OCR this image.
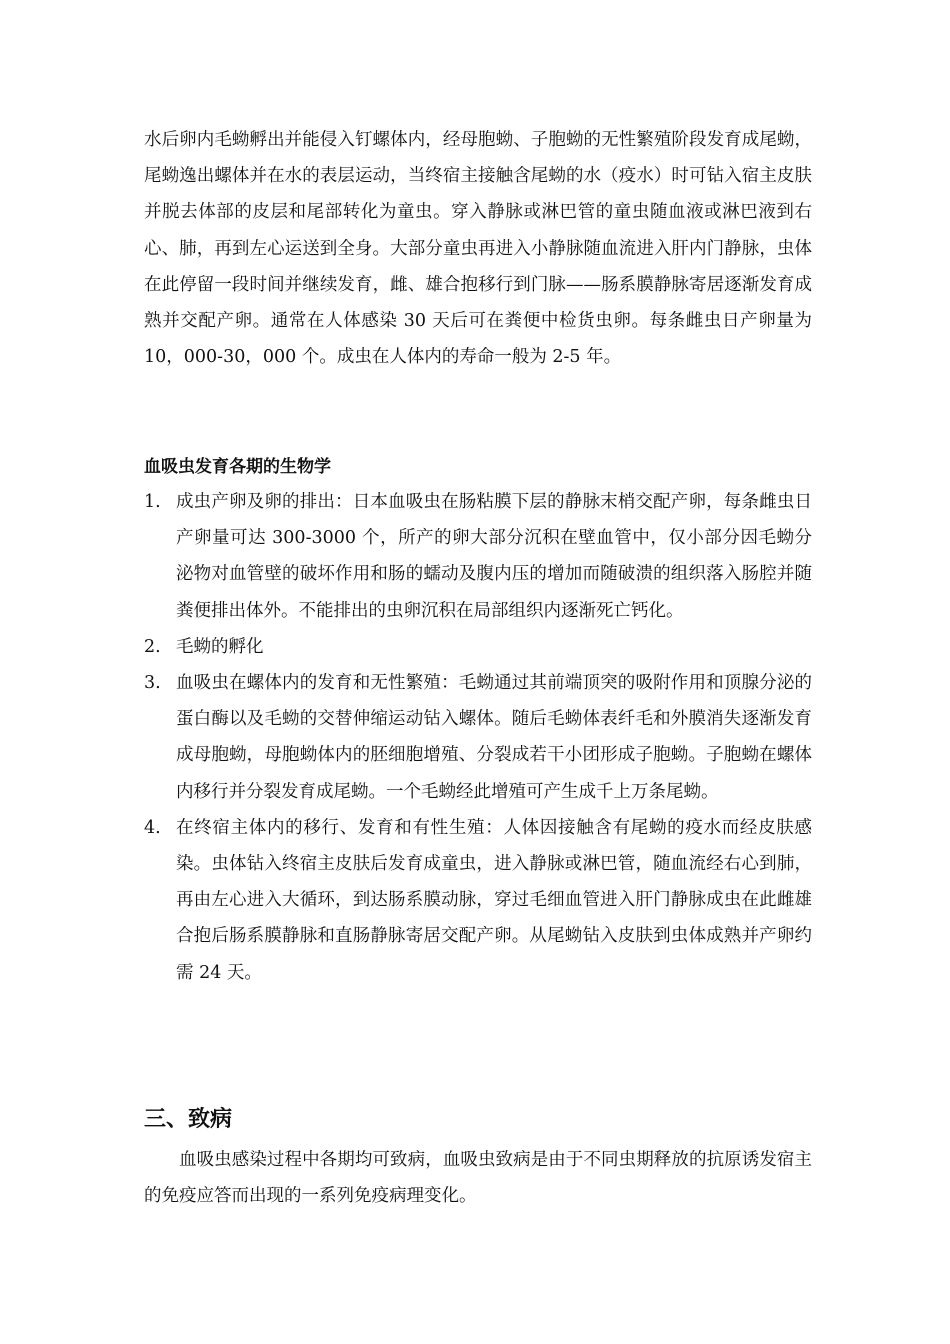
水后卵内毛蚴孵出并能侵入钉螺体内，经母胞蚴、子胞蚴的无性繁殖阶段发育成尾蚴，尾蚴逸出螺体并在水的表层运动，当终宿主接触含尾蚴的水（疫水）时可钻入宿主皮肤并脱去体部的皮层和尾部转化为童虫。穿入静脉或淋巴管的童虫随血液或淋巴液到右心、肺，再到左心运送到全身。大部分童虫再进入小静脉随血流进入肝内门静脉，虫体在此停留一段时间并继续发育，雌、雄合抱移行到门脉——肠系膜静脉寄居逐渐发育成熟并交配产卵。通常在人体感染 30 天后可在粪便中检货虫卵。每条雌虫日产卵量为 10，000-30，000 个。成虫在人体内的寿命一般为 2-5 年。

血吸虫发育各期的生物学
1. 成虫产卵及卵的排出：日本血吸虫在肠粘膜下层的静脉末梢交配产卵，每条雌虫日产卵量可达 300-3000 个，所产的卵大部分沉积在壁血管中，仅小部分因毛蚴分泌物对血管壁的破坏作用和肠的蠕动及腹内压的增加而随破溃的组织落入肠腔并随粪便排出体外。不能排出的虫卵沉积在局部组织内逐渐死亡钙化。
2. 毛蚴的孵化
3. 血吸虫在螺体内的发育和无性繁殖：毛蚴通过其前端顶突的吸附作用和顶腺分泌的蛋白酶以及毛蚴的交替伸缩运动钻入螺体。随后毛蚴体表纤毛和外膜消失逐渐发育成母胞蚴，母胞蚴体内的胚细胞增殖、分裂成若干小团形成子胞蚴。子胞蚴在螺体内移行并分裂发育成尾蚴。一个毛蚴经此增殖可产生成千上万条尾蚴。
4. 在终宿主体内的移行、发育和有性生殖：人体因接触含有尾蚴的疫水而经皮肤感染。虫体钻入终宿主皮肤后发育成童虫，进入静脉或淋巴管，随血流经右心到肺，再由左心进入大循环，到达肠系膜动脉，穿过毛细血管进入肝门静脉成虫在此雌雄合抱后肠系膜静脉和直肠静脉寄居交配产卵。从尾蚴钻入皮肤到虫体成熟并产卵约需 24 天。
三、致病

血吸虫感染过程中各期均可致病，血吸虫致病是由于不同虫期释放的抗原诱发宿主的免疫应答而出现的一系列免疫病理变化。
